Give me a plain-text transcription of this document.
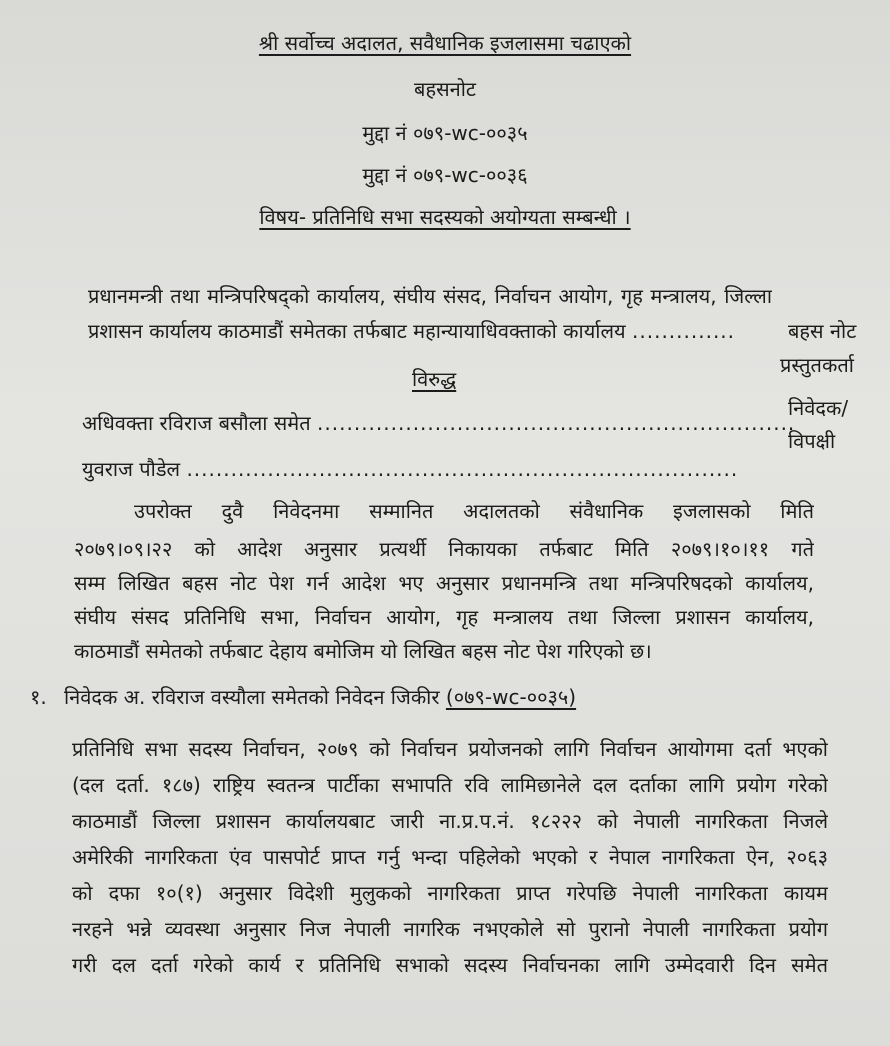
श्री सर्वोच्च अदालत, सवैधानिक इजलासमा चढाएको
बहसनोट
मुद्दा नं ०७९-wc-००३५
मुद्दा नं ०७९-wc-००३६
विषय- प्रतिनिधि सभा सदस्यको अयोग्यता सम्बन्धी ।
प्रधानमन्त्री तथा मन्त्रिपरिषद्‌को कार्यालय, संघीय संसद, निर्वाचन आयोग, गृह मन्त्रालय, जिल्ला
प्रशासन कार्यालय काठमाडौं समेतका तर्फबाट महान्यायाधिवक्ताको कार्यालय ..............	बहस नोट
प्रस्तुतकर्ता
विरुद्ध
अधिवक्ता रविराज बसौला समेत .................................................................
निवेदक/
विपक्षी
युवराज पौडेल ...........................................................................
उपरोक्त दुवै निवेदनमा सम्मानित अदालतको संवैधानिक इजलासको मिति
२०७९।०९।२२ को आदेश अनुसार प्रत्यर्थी निकायका तर्फबाट मिति २०७९।१०।११ गते
सम्म लिखित बहस नोट पेश गर्न आदेश भए अनुसार प्रधानमन्त्रि तथा मन्त्रिपरिषदको कार्यालय,
संघीय संसद प्रतिनिधि सभा, निर्वाचन आयोग, गृह मन्त्रालय तथा जिल्ला प्रशासन कार्यालय,
काठमाडौं समेतको तर्फबाट देहाय बमोजिम यो लिखित बहस नोट पेश गरिएको छ।
१. निवेदक अ. रविराज वस्यौला समेतको निवेदन जिकीर (०७९-wc-००३५)
प्रतिनिधि सभा सदस्य निर्वाचन, २०७९ को निर्वाचन प्रयोजनको लागि निर्वाचन आयोगमा दर्ता भएको
(दल दर्ता. १८७) राष्ट्रिय स्वतन्त्र पार्टीका सभापति रवि लामिछानेले दल दर्ताका लागि प्रयोग गरेको
काठमाडौं जिल्ला प्रशासन कार्यालयबाट जारी ना.प्र.प.नं. १८२२२ को नेपाली नागरिकता निजले
अमेरिकी नागरिकता एंव पासपोर्ट प्राप्त गर्नु भन्दा पहिलेको भएको र नेपाल नागरिकता ऐन, २०६३
को दफा १०(१) अनुसार विदेशी मुलुकको नागरिकता प्राप्त गरेपछि नेपाली नागरिकता कायम
नरहने भन्ने व्यवस्था अनुसार निज नेपाली नागरिक नभएकोले सो पुरानो नेपाली नागरिकता प्रयोग
गरी दल दर्ता गरेको कार्य र प्रतिनिधि सभाको सदस्य निर्वाचनका लागि उम्मेदवारी दिन समेत
